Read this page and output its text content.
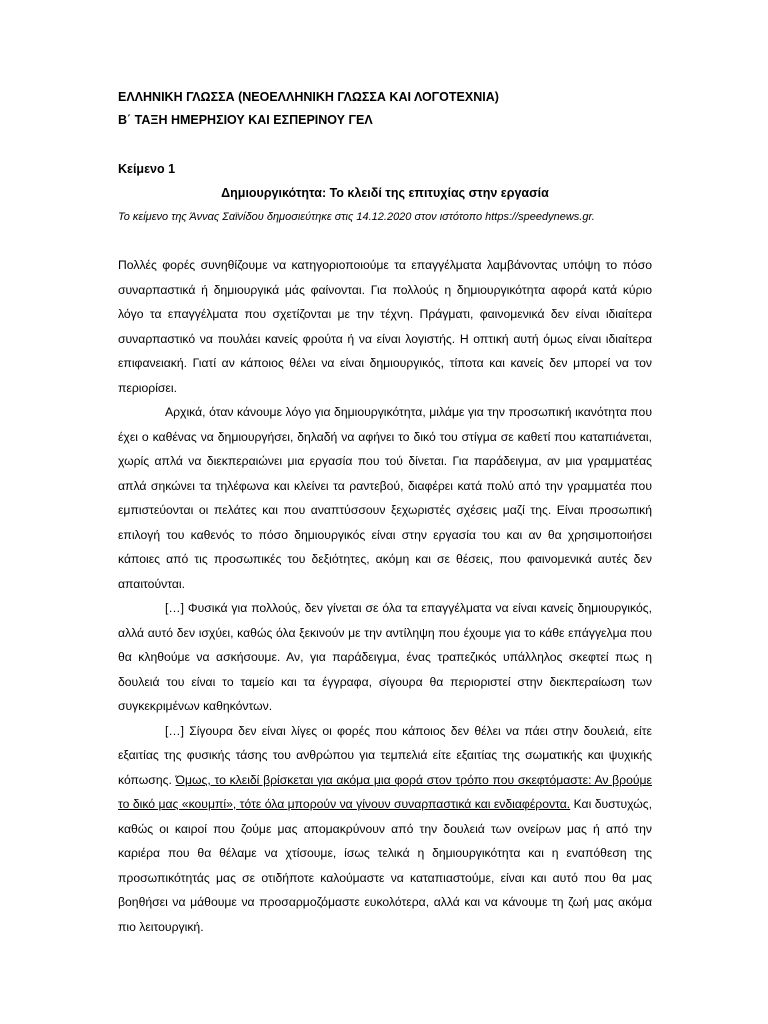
ΕΛΛΗΝΙΚΗ ΓΛΩΣΣΑ (ΝΕΟΕΛΛΗΝΙΚΗ ΓΛΩΣΣΑ ΚΑΙ ΛΟΓΟΤΕΧΝΙΑ)
Β΄ ΤΑΞΗ ΗΜΕΡΗΣΙΟΥ ΚΑΙ ΕΣΠΕΡΙΝΟΥ ΓΕΛ
Κείμενο 1
Δημιουργικότητα: Το κλειδί της επιτυχίας στην εργασία
Το κείμενο της Άννας Σαϊνίδου δημοσιεύτηκε στις 14.12.2020 στον ιστότοπο https://speedynews.gr.

Πολλές φορές συνηθίζουμε να κατηγοριοποιούμε τα επαγγέλματα λαμβάνοντας υπόψη το πόσο συναρπαστικά ή δημιουργικά μάς φαίνονται. Για πολλούς η δημιουργικότητα αφορά κατά κύριο λόγο τα επαγγέλματα που σχετίζονται με την τέχνη. Πράγματι, φαινομενικά δεν είναι ιδιαίτερα συναρπαστικό να πουλάει κανείς φρούτα ή να είναι λογιστής. Η οπτική αυτή όμως είναι ιδιαίτερα επιφανειακή. Γιατί αν κάποιος θέλει να είναι δημιουργικός, τίποτα και κανείς δεν μπορεί να τον περιορίσει.

Αρχικά, όταν κάνουμε λόγο για δημιουργικότητα, μιλάμε για την προσωπική ικανότητα που έχει ο καθένας να δημιουργήσει, δηλαδή να αφήνει το δικό του στίγμα σε καθετί που καταπιάνεται, χωρίς απλά να διεκπεραιώνει μια εργασία που τού δίνεται. Για παράδειγμα, αν μια γραμματέας απλά σηκώνει τα τηλέφωνα και κλείνει τα ραντεβού, διαφέρει κατά πολύ από την γραμματέα που εμπιστεύονται οι πελάτες και που αναπτύσσουν ξεχωριστές σχέσεις μαζί της. Είναι προσωπική επιλογή του καθενός το πόσο δημιουργικός είναι στην εργασία του και αν θα χρησιμοποιήσει κάποιες από τις προσωπικές του δεξιότητες, ακόμη και σε θέσεις, που φαινομενικά αυτές δεν απαιτούνται.

[…] Φυσικά για πολλούς, δεν γίνεται σε όλα τα επαγγέλματα να είναι κανείς δημιουργικός, αλλά αυτό δεν ισχύει, καθώς όλα ξεκινούν με την αντίληψη που έχουμε για το κάθε επάγγελμα που θα κληθούμε να ασκήσουμε. Αν, για παράδειγμα, ένας τραπεζικός υπάλληλος σκεφτεί πως η δουλειά του είναι το ταμείο και τα έγγραφα, σίγουρα θα περιοριστεί στην διεκπεραίωση των συγκεκριμένων καθηκόντων.

[…] Σίγουρα δεν είναι λίγες οι φορές που κάποιος δεν θέλει να πάει στην δουλειά, είτε εξαιτίας της φυσικής τάσης του ανθρώπου για τεμπελιά είτε εξαιτίας της σωματικής και ψυχικής κόπωσης. Όμως, το κλειδί βρίσκεται για ακόμα μια φορά στον τρόπο που σκεφτόμαστε: Αν βρούμε το δικό μας «κουμπί», τότε όλα μπορούν να γίνουν συναρπαστικά και ενδιαφέροντα. Και δυστυχώς, καθώς οι καιροί που ζούμε μας απομακρύνουν από την δουλειά των ονείρων μας ή από την καριέρα που θα θέλαμε να χτίσουμε, ίσως τελικά η δημιουργικότητα και η εναπόθεση της προσωπικότητάς μας σε οτιδήποτε καλούμαστε να καταπιαστούμε, είναι και αυτό που θα μας βοηθήσει να μάθουμε να προσαρμοζόμαστε ευκολότερα, αλλά και να κάνουμε τη ζωή μας ακόμα πιο λειτουργική.
